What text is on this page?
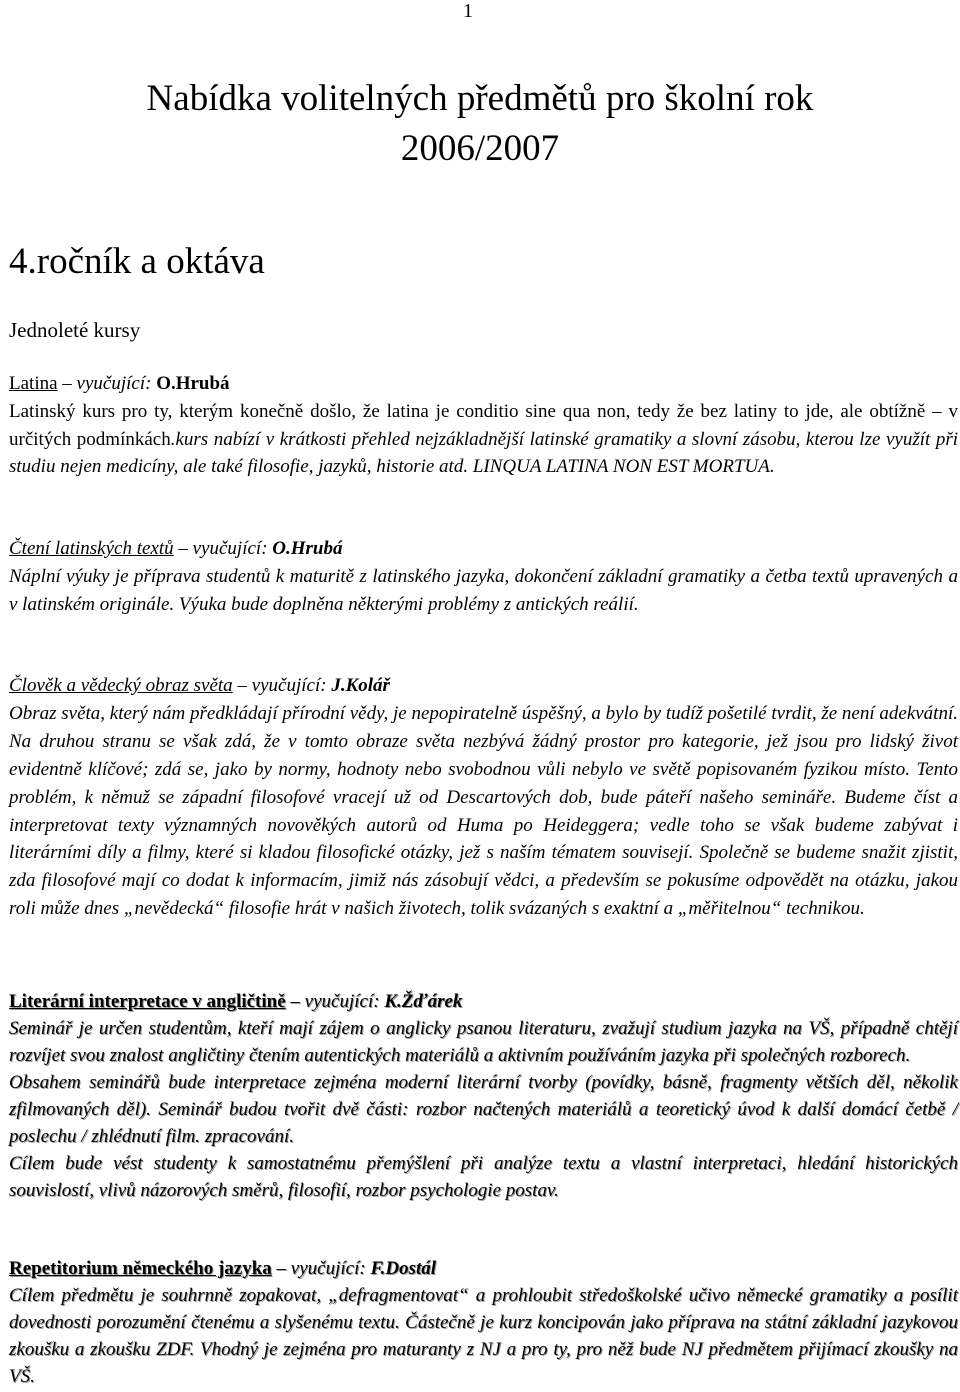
1
Nabídka volitelných předmětů pro školní rok
2006/2007
4.ročník a oktáva
Jednoleté kursy

Latina – vyučující: O.Hrubá

Latinský kurs pro ty, kterým konečně došlo, že latina je conditio sine qua non, tedy že bez latiny to jde, ale obtížně – v určitých podmínkách.kurs nabízí v krátkosti přehled nejzákladnější latinské gramatiky a slovní zásobu, kterou lze využít při studiu nejen medicíny, ale také filosofie, jazyků, historie atd. LINQUA LATINA NON EST MORTUA.

Čtení latinských textů – vyučující: O.Hrubá

Náplní výuky je příprava studentů k maturitě z latinského jazyka, dokončení základní gramatiky a četba textů upravených a v latinském originále. Výuka bude doplněna některými problémy z antických reálií.

Člověk a vědecký obraz světa – vyučující: J.Kolář

Obraz světa, který nám předkládají přírodní vědy, je nepopiratelně úspěšný, a bylo by tudíž pošetilé tvrdit, že není adekvátní. Na druhou stranu se však zdá, že v tomto obraze světa nezbývá žádný prostor pro kategorie, jež jsou pro lidský život evidentně klíčové; zdá se, jako by normy, hodnoty nebo svobodnou vůli nebylo ve světě popisovaném fyzikou místo. Tento problém, k němuž se západní filosofové vracejí už od Descartových dob, bude páteří našeho semináře. Budeme číst a interpretovat texty významných novověkých autorů od Huma po Heideggera; vedle toho se však budeme zabývat i literárními díly a filmy, které si kladou filosofické otázky, jež s naším tématem souvisejí. Společně se budeme snažit zjistit, zda filosofové mají co dodat k informacím, jimiž nás zásobují vědci, a především se pokusíme odpovědět na otázku, jakou roli může dnes „nevědecká“ filosofie hrát v našich životech, tolik svázaných s exaktní a „měřitelnou“ technikou.

Literární interpretace v angličtině – vyučující: K.Žďárek

Seminář je určen studentům, kteří mají zájem o anglicky psanou literaturu, zvažují studium jazyka na VŠ, případně chtějí rozvíjet svou znalost angličtiny čtením autentických materiálů a aktivním používáním jazyka při společných rozborech.

Obsahem seminářů bude interpretace zejména moderní literární tvorby (povídky, básně, fragmenty větších děl, několik zfilmovaných děl). Seminář budou tvořit dvě části: rozbor načtených materiálů a teoretický úvod k další domácí četbě / poslechu / zhlédnutí film. zpracování.

Cílem bude vést studenty k samostatnému přemýšlení při analýze textu a vlastní interpretaci, hledání historických souvislostí, vlivů názorových směrů, filosofií, rozbor psychologie postav.

Repetitorium německého jazyka – vyučující: F.Dostál

Cílem předmětu je souhrnně zopakovat, „defragmentovat“ a prohloubit středoškolské učivo německé gramatiky a posílit dovednosti porozumění čtenému a slyšenému textu. Částečně je kurz koncipován jako příprava na státní základní jazykovou zkoušku a zkoušku ZDF. Vhodný je zejména pro maturanty z NJ a pro ty, pro něž bude NJ předmětem přijímací zkoušky na VŠ.
